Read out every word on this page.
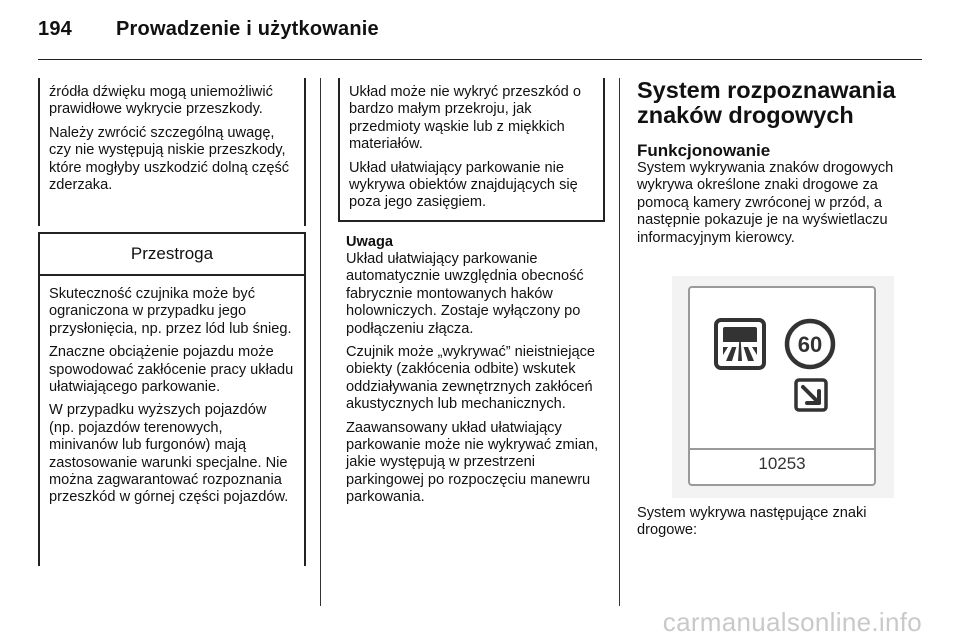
194 Prowadzenie i użytkowanie

źródła dźwięku mogą uniemożliwić prawidłowe wykrycie przeszkody.

Należy zwrócić szczególną uwagę, czy nie występują niskie przeszkody, które mogłyby uszkodzić dolną część zderzaka.

Przestroga

Skuteczność czujnika może być ograniczona w przypadku jego przysłonięcia, np. przez lód lub śnieg.

Znaczne obciążenie pojazdu może spowodować zakłócenie pracy układu ułatwiającego parkowanie.

W przypadku wyższych pojazdów (np. pojazdów terenowych, minivanów lub furgonów) mają zastosowanie warunki specjalne. Nie można zagwarantować rozpoznania przeszkód w górnej części pojazdów.

Układ może nie wykryć przeszkód o bardzo małym przekroju, jak przedmioty wąskie lub z miękkich materiałów.

Układ ułatwiający parkowanie nie wykrywa obiektów znajdujących się poza jego zasięgiem.

Uwaga

Układ ułatwiający parkowanie automatycznie uwzględnia obecność fabrycznie montowanych haków holowniczych. Zostaje wyłączony po podłączeniu złącza.

Czujnik może „wykrywać” nieistniejące obiekty (zakłócenia odbite) wskutek oddziaływania zewnętrznych zakłóceń akustycznych lub mechanicznych.

Zaawansowany układ ułatwiający parkowanie może nie wykrywać zmian, jakie występują w przestrzeni parkingowej po rozpoczęciu manewru parkowania.

System rozpoznawania znaków drogowych
Funkcjonowanie

System wykrywania znaków drogowych wykrywa określone znaki drogowe za pomocą kamery zwróconej w przód, a następnie pokazuje je na wyświetlaczu informacyjnym kierowcy.

60
10253

System wykrywa następujące znaki drogowe:

carmanualsonline.info
